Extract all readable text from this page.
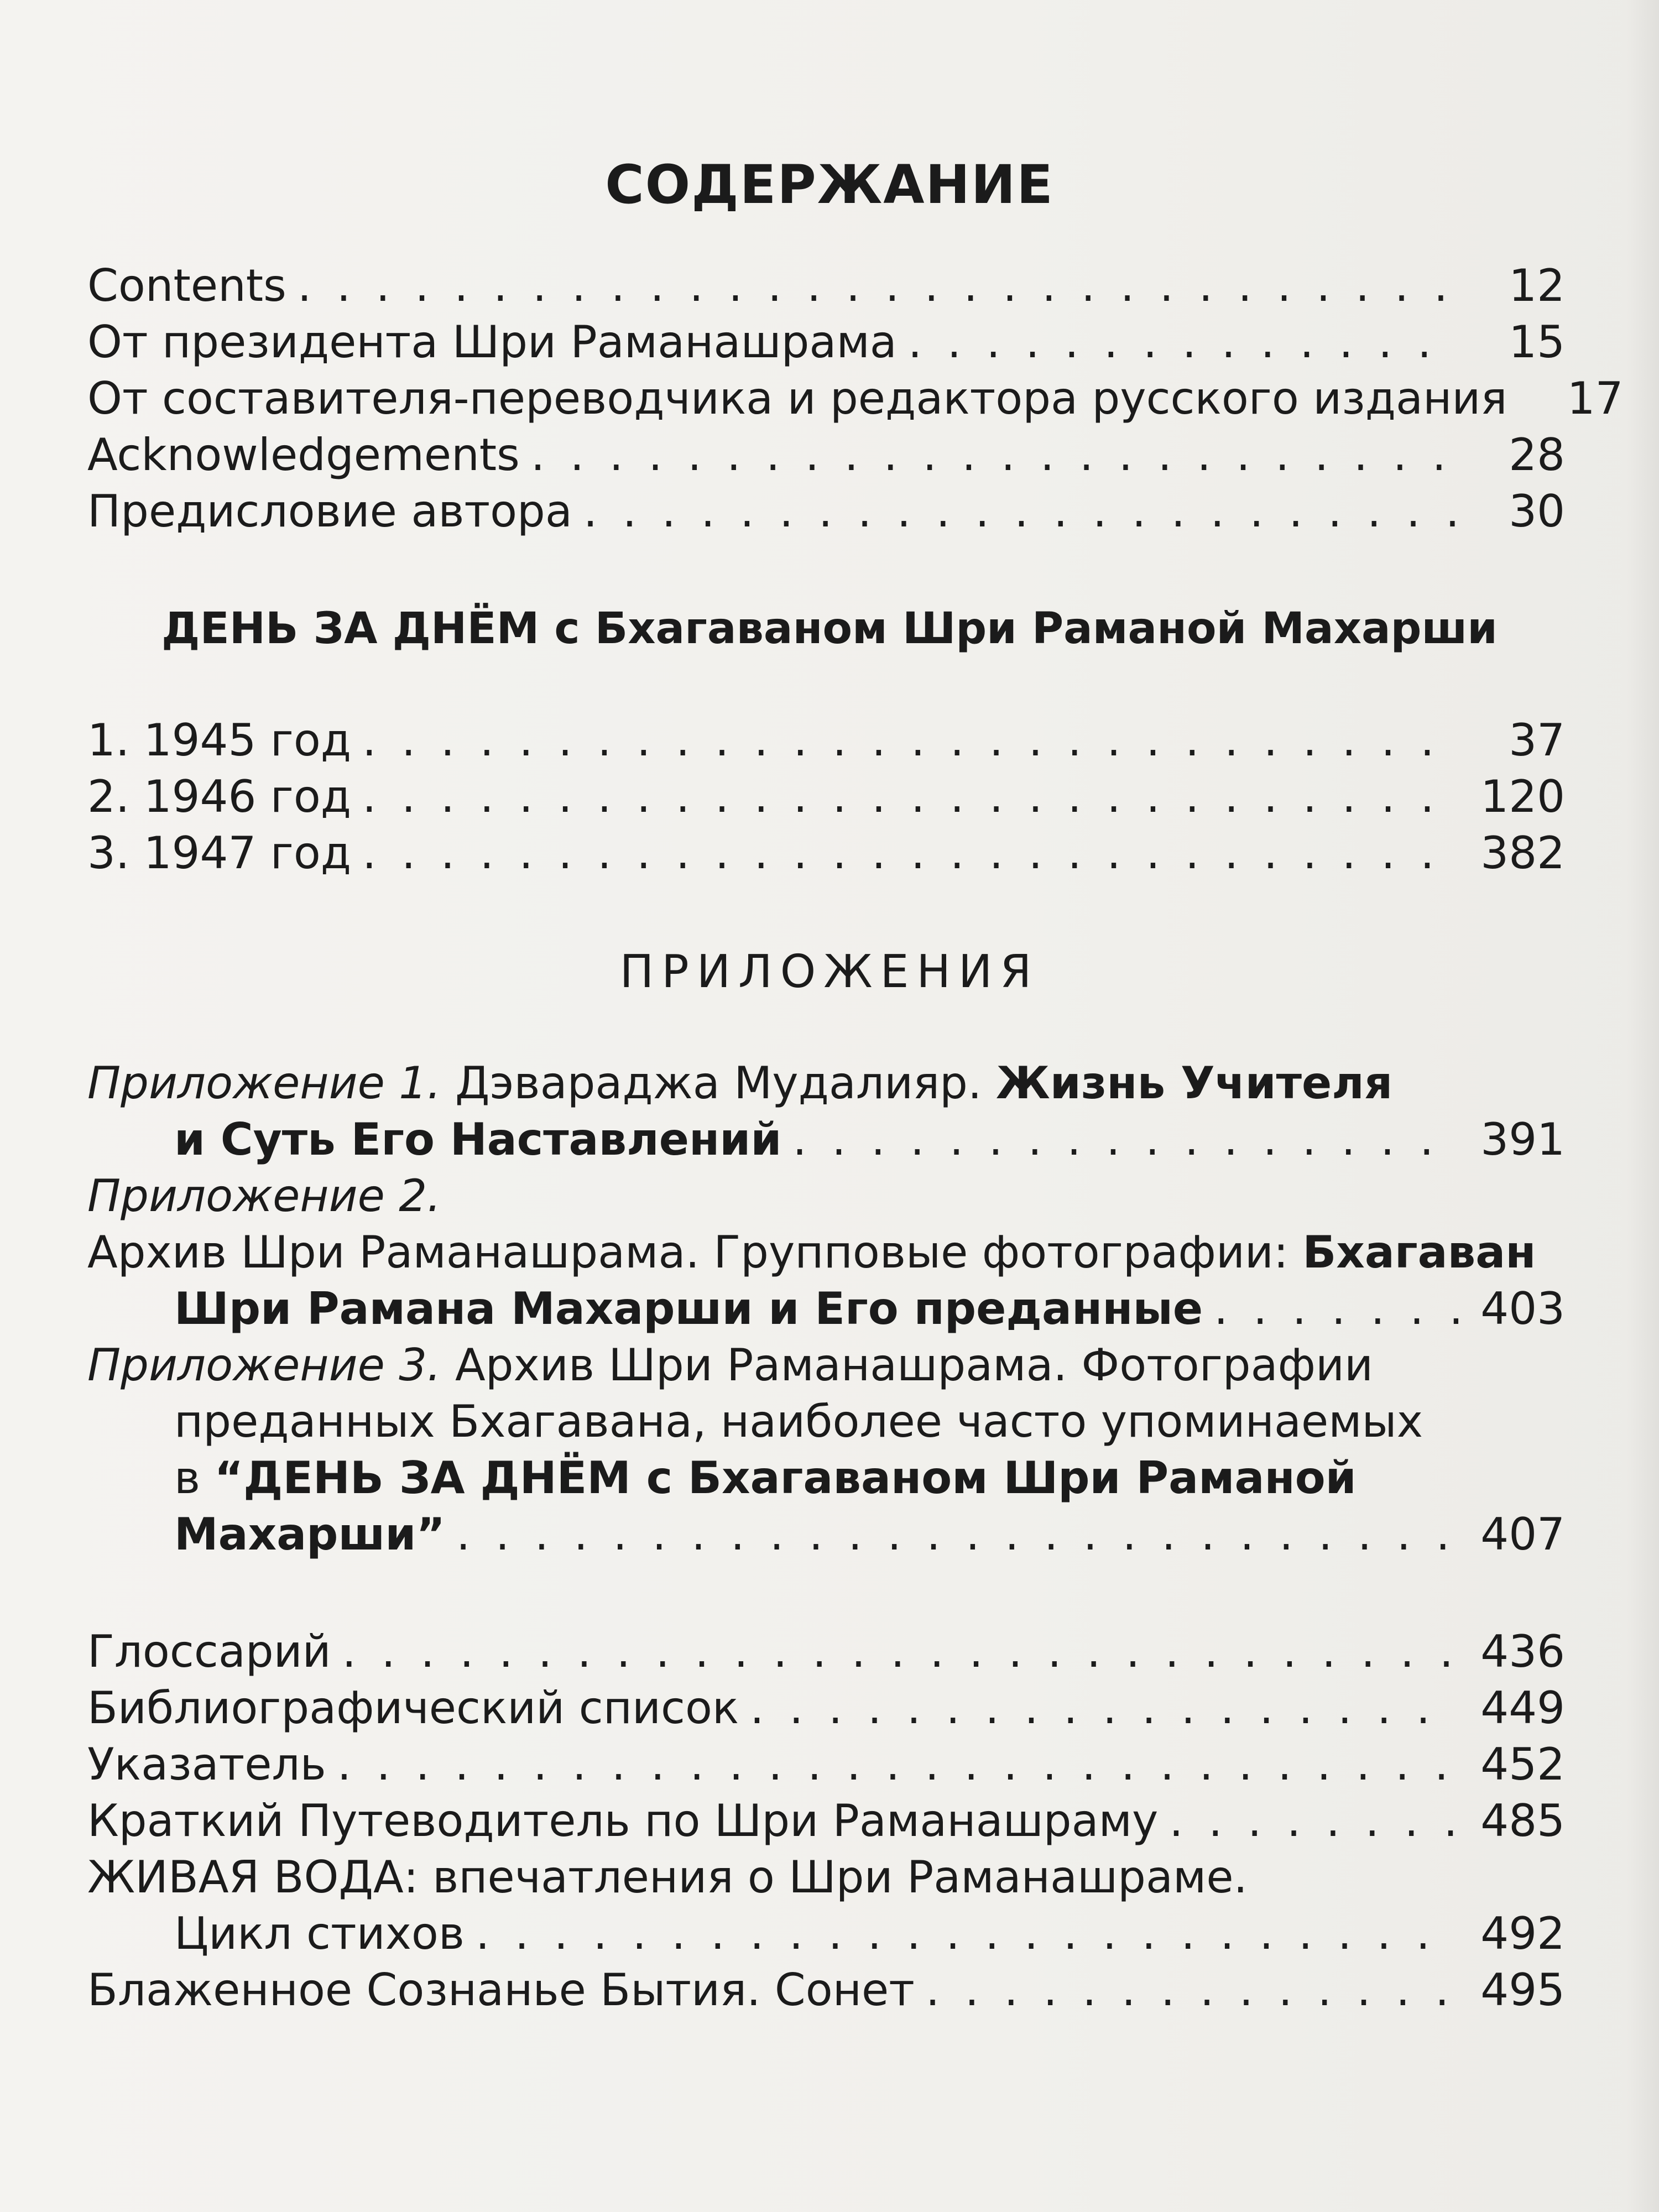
СОДЕРЖАНИЕ
Contents . . .	12
От президента Шри Раманашрама . . .	15
От составителя-переводчика и редактора русского издания	17
Acknowledgements . . .	28
Предисловие автора . . .	30
ДЕНЬ ЗА ДНЁМ с Бхагаваном Шри Раманой Махарши
1. 1945 год . . .	37
2. 1946 год . . .	120
3. 1947 год . . .	382
ПРИЛОЖЕНИЯ
Приложение 1. Дэвараджа Мудалияр. Жизнь Учителя
и Суть Его Наставлений . . .	391
Приложение 2.
Архив Шри Раманашрама. Групповые фотографии: Бхагаван
Шри Рамана Махарши и Его преданные . . .	403
Приложение 3. Архив Шри Раманашрама. Фотографии
преданных Бхагавана, наиболее часто упоминаемых
в “ДЕНЬ ЗА ДНЁМ с Бхагаваном Шри Раманой
Махарши” . . .	407
Глоссарий . . .	436
Библиографический список . . .	449
Указатель . . .	452
Краткий Путеводитель по Шри Раманашраму . . .	485
ЖИВАЯ ВОДА: впечатления о Шри Раманашраме.
Цикл стихов . . .	492
Блаженное Сознанье Бытия. Сонет . . .	495
